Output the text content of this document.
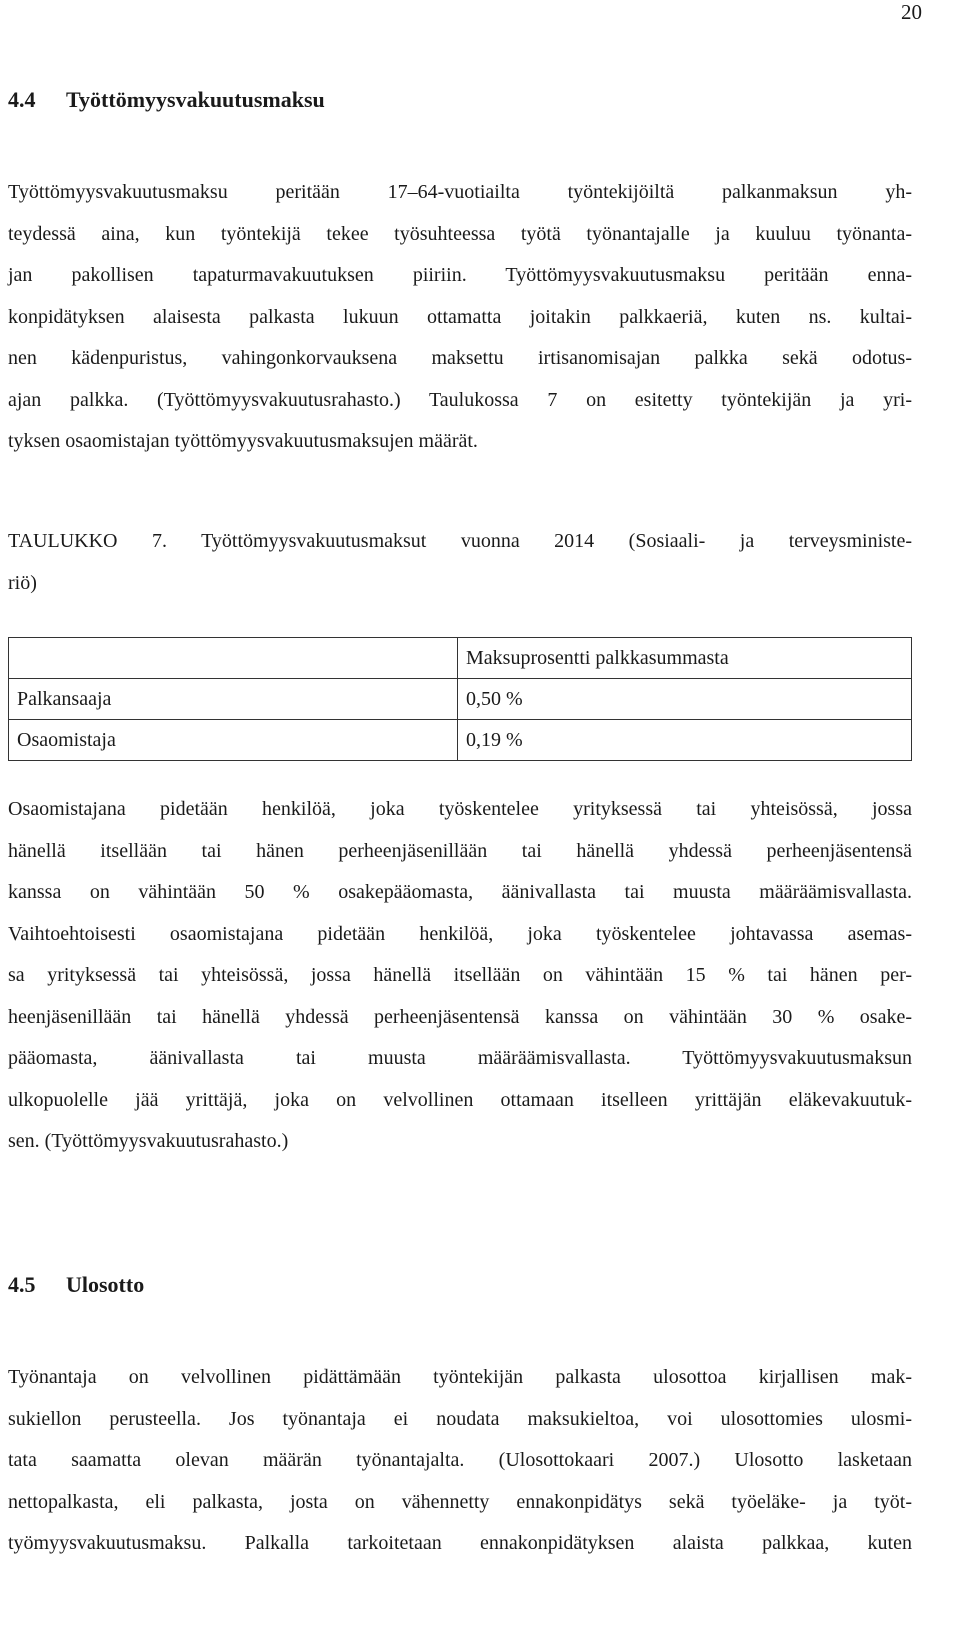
20
4.4 Työttömyysvakuutusmaksu

Työttömyysvakuutusmaksu peritään 17–64-vuotiailta työntekijöiltä palkanmaksun yh-
teydessä aina, kun työntekijä tekee työsuhteessa työtä työnantajalle ja kuuluu työnanta-
jan pakollisen tapaturmavakuutuksen piiriin. Työttömyysvakuutusmaksu peritään enna-
konpidätyksen alaisesta palkasta lukuun ottamatta joitakin palkkaeriä, kuten ns. kultai-
nen kädenpuristus, vahingonkorvauksena maksettu irtisanomisajan palkka sekä odotus-
ajan palkka. (Työttömyysvakuutusrahasto.) Taulukossa 7 on esitetty työntekijän ja yri-
tyksen osaomistajan työttömyysvakuutusmaksujen määrät.

TAULUKKO 7. Työttömyysvakuutusmaksut vuonna 2014 (Sosiaali- ja terveysministe-
riö)

	Maksuprosentti palkkasummasta
Palkansaaja	0,50 %
Osaomistaja	0,19 %

Osaomistajana pidetään henkilöä, joka työskentelee yrityksessä tai yhteisössä, jossa
hänellä itsellään tai hänen perheenjäsenillään tai hänellä yhdessä perheenjäsentensä
kanssa on vähintään 50 % osakepääomasta, äänivallasta tai muusta määräämisvallasta.
Vaihtoehtoisesti osaomistajana pidetään henkilöä, joka työskentelee johtavassa asemas-
sa yrityksessä tai yhteisössä, jossa hänellä itsellään on vähintään 15 % tai hänen per-
heenjäsenillään tai hänellä yhdessä perheenjäsentensä kanssa on vähintään 30 % osake-
pääomasta, äänivallasta tai muusta määräämisvallasta. Työttömyysvakuutusmaksun
ulkopuolelle jää yrittäjä, joka on velvollinen ottamaan itselleen yrittäjän eläkevakuutuk-
sen. (Työttömyysvakuutusrahasto.)

4.5 Ulosotto

Työnantaja on velvollinen pidättämään työntekijän palkasta ulosottoa kirjallisen mak-
sukiellon perusteella. Jos työnantaja ei noudata maksukieltoa, voi ulosottomies ulosmi-
tata saamatta olevan määrän työnantajalta. (Ulosottokaari 2007.) Ulosotto lasketaan
nettopalkasta, eli palkasta, josta on vähennetty ennakonpidätys sekä työeläke- ja työt-
työmyysvakuutusmaksu. Palkalla tarkoitetaan ennakonpidätyksen alaista palkkaa, kuten
